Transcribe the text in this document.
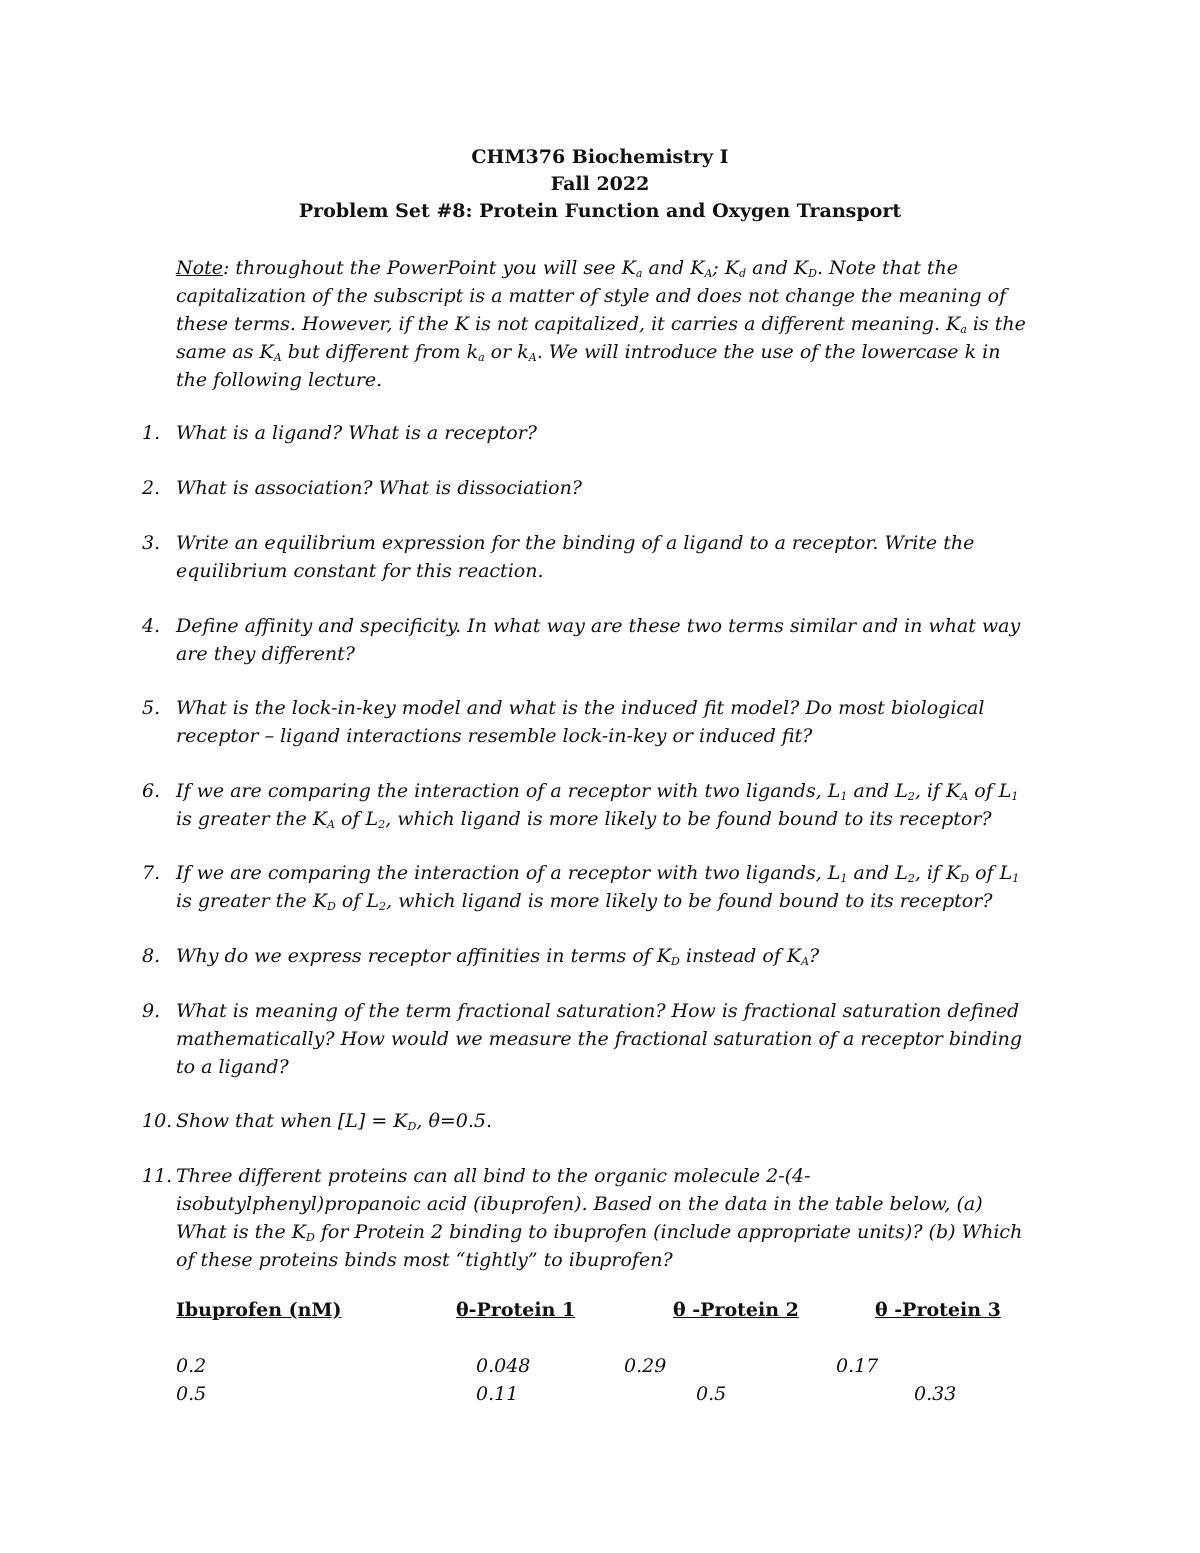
CHM376 Biochemistry I
Fall 2022
Problem Set #8: Protein Function and Oxygen Transport
Note: throughout the PowerPoint you will see $K_a$ and $K_A$; $K_d$ and $K_D$. Note that the capitalization of the subscript is a matter of style and does not change the meaning of these terms. However, if the K is not capitalized, it carries a different meaning. $K_a$ is the same as $K_A$ but different from $k_a$ or $k_A$. We will introduce the use of the lowercase k in the following lecture.
1. What is a ligand? What is a receptor?
2. What is association? What is dissociation?
3. Write an equilibrium expression for the binding of a ligand to a receptor. Write the equilibrium constant for this reaction.
4. Define affinity and specificity. In what way are these two terms similar and in what way are they different?
5. What is the lock-in-key model and what is the induced fit model? Do most biological receptor – ligand interactions resemble lock-in-key or induced fit?
6. If we are comparing the interaction of a receptor with two ligands, $L_1$ and $L_2$, if $K_A$ of $L_1$ is greater the $K_A$ of $L_2$, which ligand is more likely to be found bound to its receptor?
7. If we are comparing the interaction of a receptor with two ligands, $L_1$ and $L_2$, if $K_D$ of $L_1$ is greater the $K_D$ of $L_2$, which ligand is more likely to be found bound to its receptor?
8. Why do we express receptor affinities in terms of $K_D$ instead of $K_A$?
9. What is meaning of the term fractional saturation? How is fractional saturation defined mathematically? How would we measure the fractional saturation of a receptor binding to a ligand?
10. Show that when $[L] = K_D$, θ=0.5.
11. Three different proteins can all bind to the organic molecule 2-(4-isobutylphenyl)propanoic acid (ibuprofen). Based on the data in the table below, (a) What is the $K_D$ for Protein 2 binding to ibuprofen (include appropriate units)? (b) Which of these proteins binds most “tightly” to ibuprofen?
Ibuprofen (nM)	θ-Protein 1	θ -Protein 2	θ -Protein 3
0.2	0.048	0.29	0.17
0.5	0.11	0.5	0.33
